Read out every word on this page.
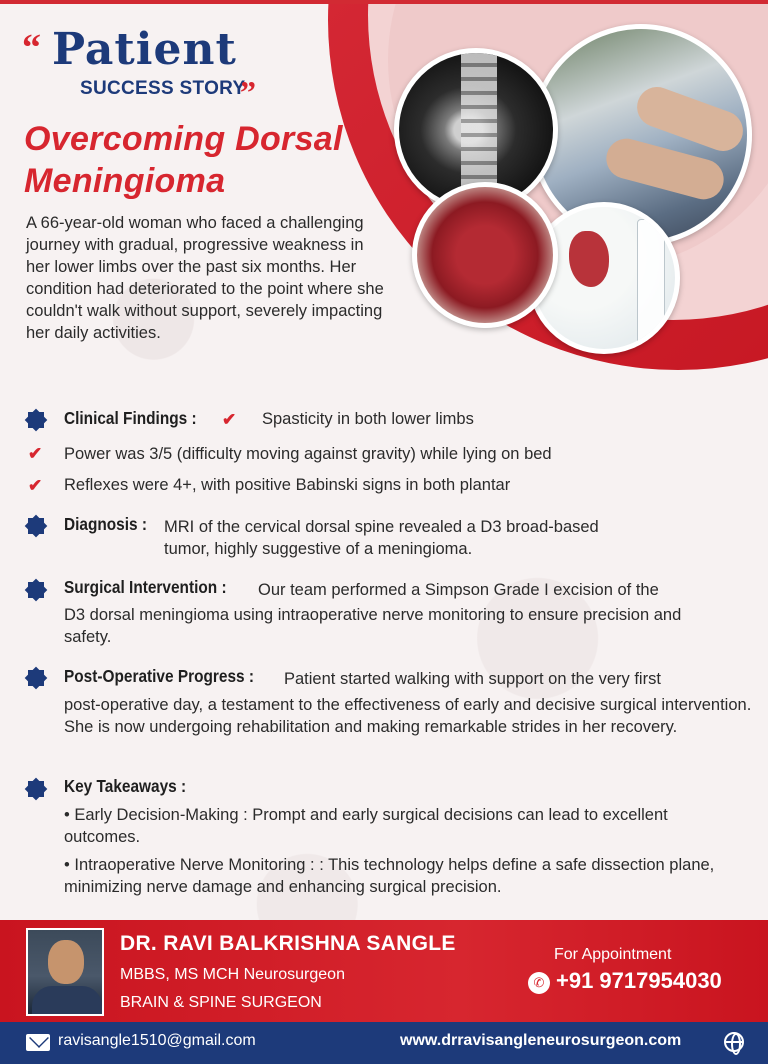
“ Patient
SUCCESS STORY
”
Overcoming Dorsal Meningioma
A 66-year-old woman who faced a challenging journey with gradual, progressive weakness in her lower limbs over the past six months. Her condition had deteriorated to the point where she couldn't walk without support, severely impacting her daily activities.
Clinical Findings : ✔ Spasticity in both lower limbs
✔ Power was 3/5 (difficulty moving against gravity) while lying on bed
✔ Reflexes were 4+, with positive Babinski signs in both plantar
Diagnosis : MRI of the cervical dorsal spine revealed a D3 broad-based
tumor, highly suggestive of a meningioma.
Surgical Intervention : Our team performed a Simpson Grade I excision of the
D3 dorsal meningioma using intraoperative nerve monitoring to ensure precision and safety.
Post-Operative Progress : Patient started walking with support on the very first
post-operative day, a testament to the effectiveness of early and decisive surgical intervention. She is now undergoing rehabilitation and making remarkable strides in her recovery.
Key Takeaways :
• Early Decision-Making : Prompt and early surgical decisions can lead to excellent outcomes.
• Intraoperative Nerve Monitoring : : This technology helps define a safe dissection plane, minimizing nerve damage and enhancing surgical precision.
DR. RAVI BALKRISHNA SANGLE
MBBS, MS MCH Neurosurgeon
BRAIN & SPINE SURGEON
For Appointment
✆ +91 9717954030
ravisangle1510@gmail.com	www.drravisangleneurosurgeon.com
